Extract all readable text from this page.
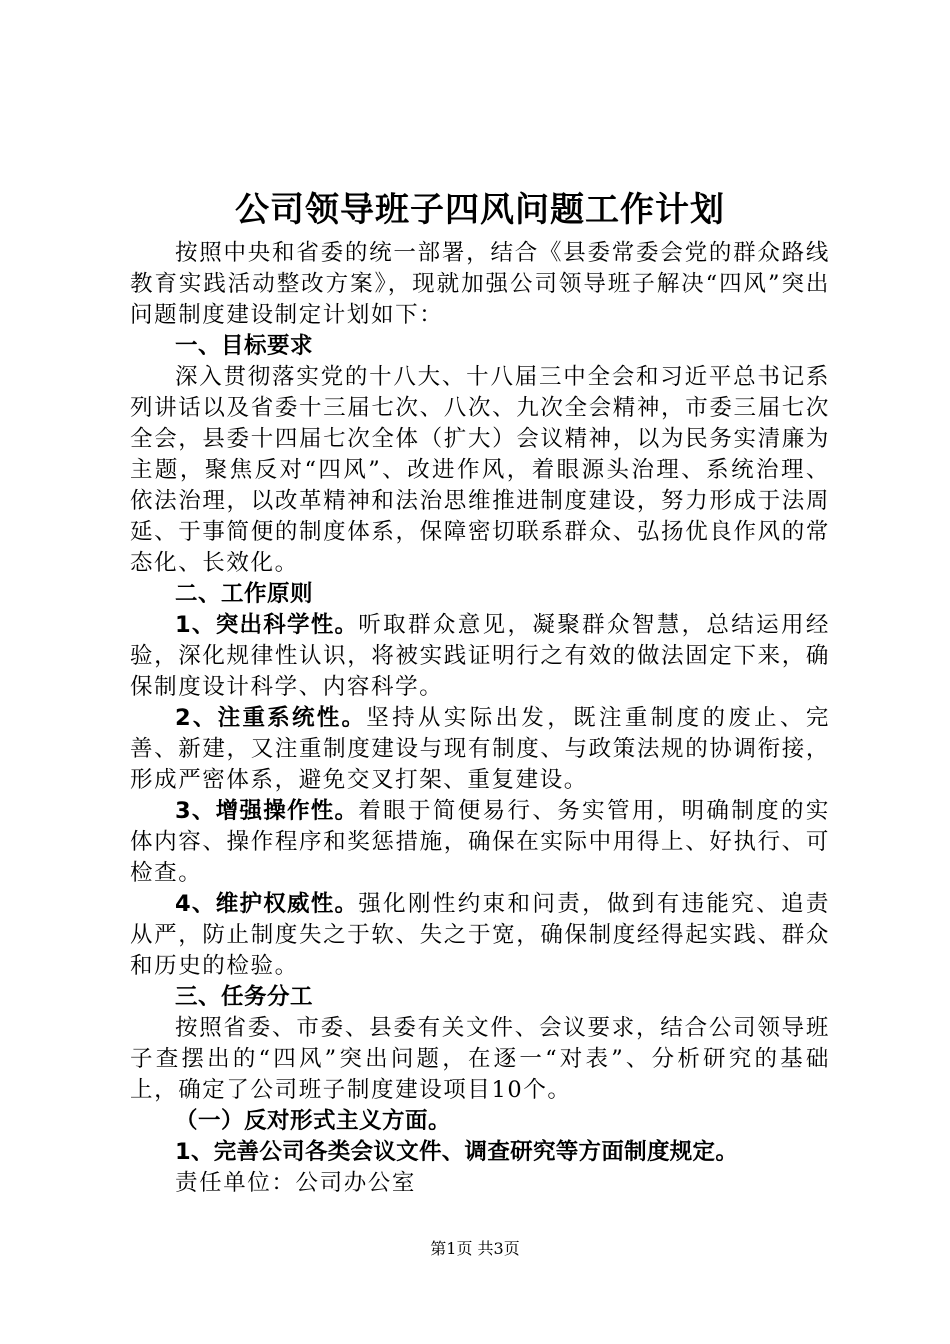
公司领导班子四风问题工作计划

按照中央和省委的统一部署，结合《县委常委会党的群众路线教育实践活动整改方案》，现就加强公司领导班子解决“四风”突出问题制度建设制定计划如下：

一、目标要求

深入贯彻落实党的十八大、十八届三中全会和习近平总书记系列讲话以及省委十三届七次、八次、九次全会精神，市委三届七次全会，县委十四届七次全体（扩大）会议精神，以为民务实清廉为主题，聚焦反对“四风”、改进作风，着眼源头治理、系统治理、依法治理，以改革精神和法治思维推进制度建设，努力形成于法周延、于事简便的制度体系，保障密切联系群众、弘扬优良作风的常态化、长效化。

二、工作原则

1、突出科学性。听取群众意见，凝聚群众智慧，总结运用经验，深化规律性认识，将被实践证明行之有效的做法固定下来，确保制度设计科学、内容科学。

2、注重系统性。坚持从实际出发，既注重制度的废止、完善、新建，又注重制度建设与现有制度、与政策法规的协调衔接，形成严密体系，避免交叉打架、重复建设。

3、增强操作性。着眼于简便易行、务实管用，明确制度的实体内容、操作程序和奖惩措施，确保在实际中用得上、好执行、可检查。

4、维护权威性。强化刚性约束和问责，做到有违能究、追责从严，防止制度失之于软、失之于宽，确保制度经得起实践、群众和历史的检验。

三、任务分工

按照省委、市委、县委有关文件、会议要求，结合公司领导班子查摆出的“四风”突出问题，在逐一“对表”、分析研究的基础上，确定了公司班子制度建设项目10个。

（一）反对形式主义方面。

1、完善公司各类会议文件、调查研究等方面制度规定。

责任单位：公司办公室

第1页 共3页
